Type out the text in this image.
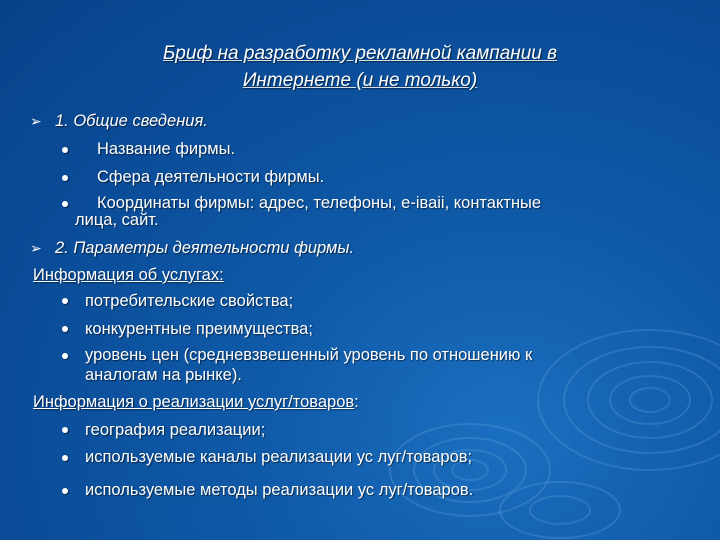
Бриф на разработку рекламной кампании в
Интернете (и не только)
➢ 1. Общие сведения.
Название фирмы.
Сфера деятельности фирмы.
Координаты фирмы: адрес, телефоны, е-іваіі, контактные
лица, сайт.
➢ 2. Параметры деятельности фирмы.
Информация об услугах:
потребительские свойства;
конкурентные преимущества;
уровень цен (средневзвешенный уровень по отношению к
аналогам на рынке).
Информация о реализации услуг/товаров:
география реализации;
используемые каналы реализации ус луг/товаров;
используемые методы реализации ус луг/товаров.
